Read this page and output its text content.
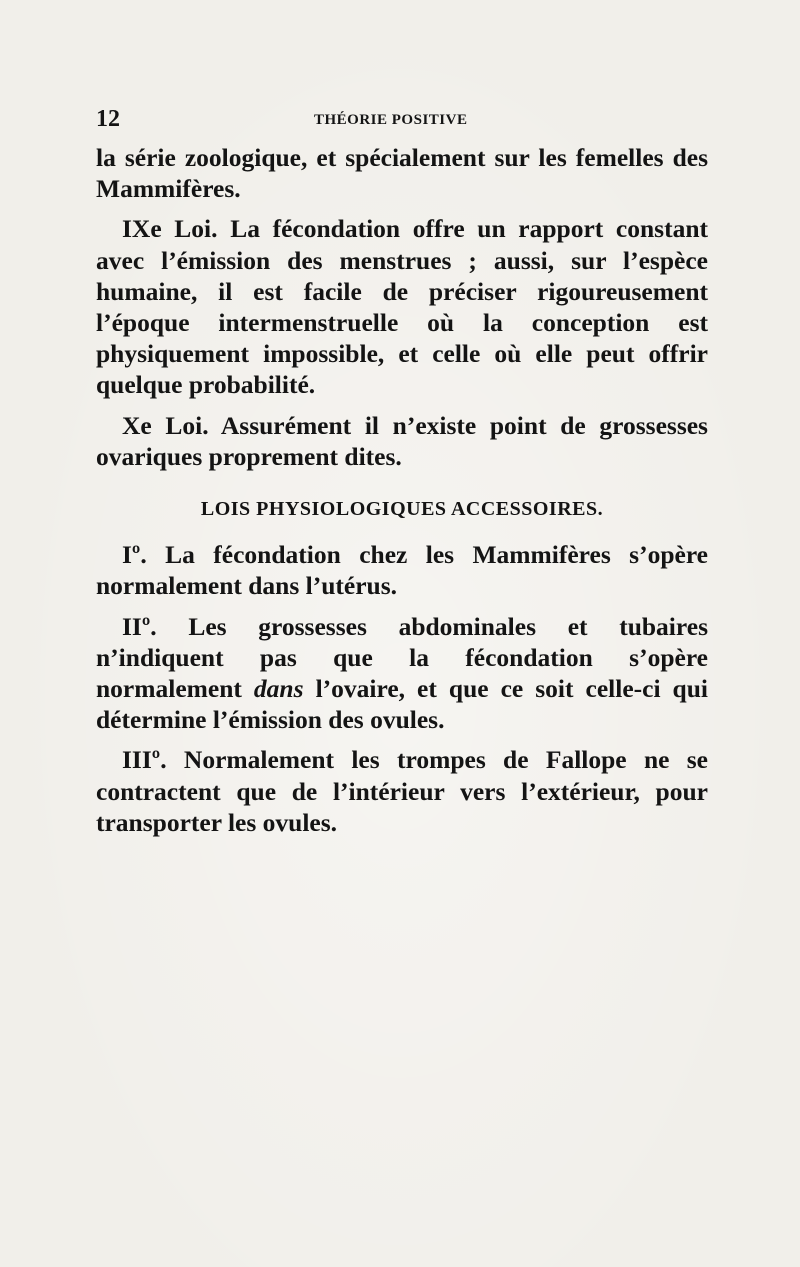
12	THÉORIE POSITIVE

la série zoologique, et spécialement sur les femelles des Mammifères.

IXe Loi. La fécondation offre un rapport constant avec l’émission des menstrues ; aussi, sur l’espèce humaine, il est facile de préciser rigoureusement l’époque intermenstruelle où la conception est physiquement impossible, et celle où elle peut offrir quelque probabilité.

Xe Loi. Assurément il n’existe point de grossesses ovariques proprement dites.

LOIS PHYSIOLOGIQUES ACCESSOIRES.

Iº. La fécondation chez les Mammifères s’opère normalement dans l’utérus.

IIº. Les grossesses abdominales et tubaires n’indiquent pas que la fécondation s’opère normalement dans l’ovaire, et que ce soit celle-ci qui détermine l’émission des ovules.

IIIº. Normalement les trompes de Fallope ne se contractent que de l’intérieur vers l’extérieur, pour transporter les ovules.
